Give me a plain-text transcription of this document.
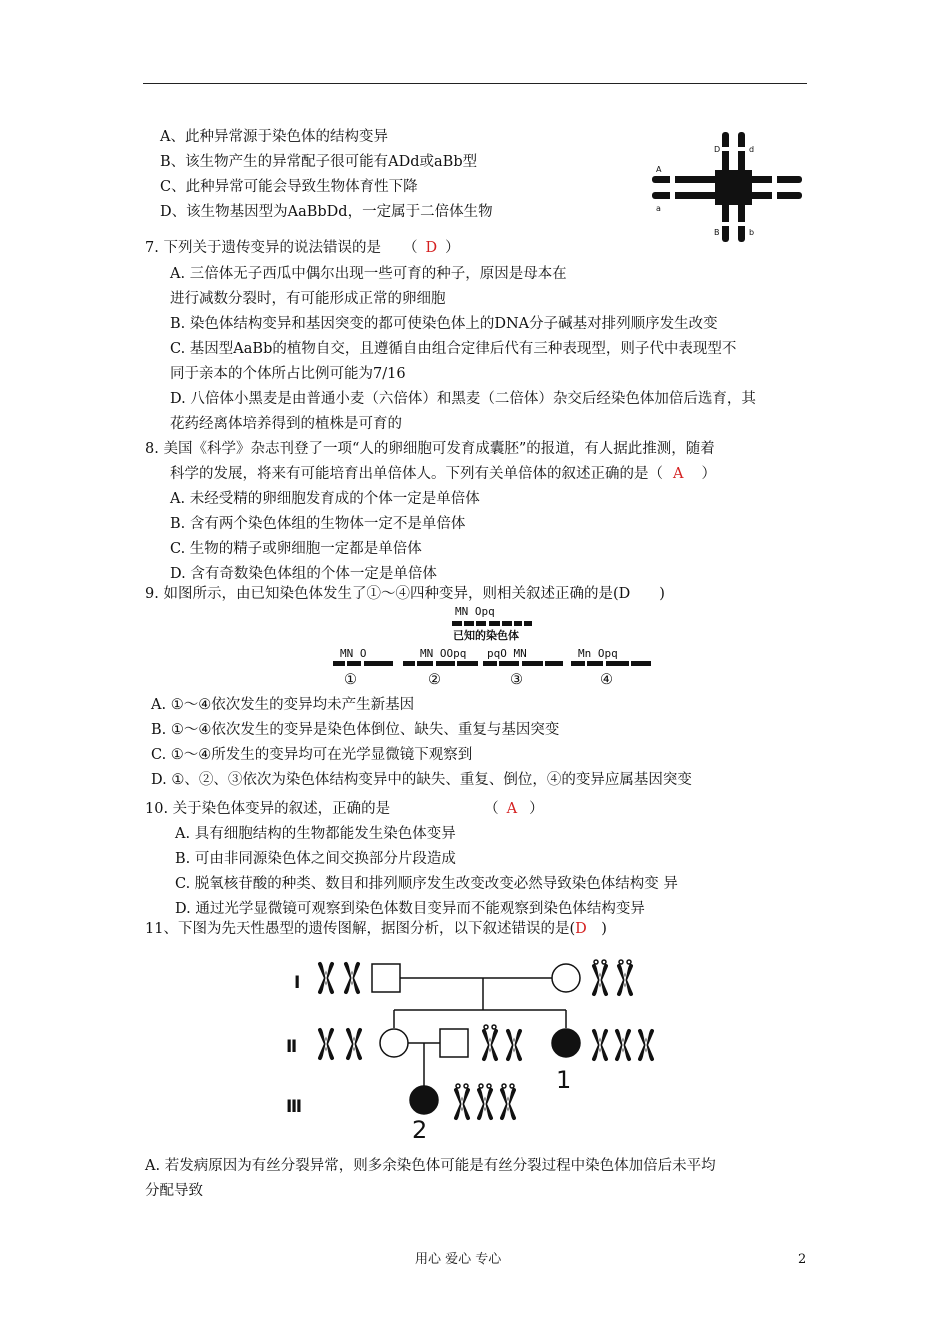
A、此种异常源于染色体的结构变异
B、该生物产生的异常配子很可能有ADd或aBb型
C、此种异常可能会导致生物体育性下降
D、该生物基因型为AaBbDd，一定属于二倍体生物
A
a
D	d
B	b
7. 下列关于遗传变异的说法错误的是 （ D ）
A. 三倍体无子西瓜中偶尔出现一些可育的种子，原因是母本在
进行减数分裂时，有可能形成正常的卵细胞
B. 染色体结构变异和基因突变的都可使染色体上的DNA分子碱基对排列顺序发生改变
C. 基因型AaBb的植物自交，且遵循自由组合定律后代有三种表现型，则子代中表现型不
同于亲本的个体所占比例可能为7/16
D. 八倍体小黑麦是由普通小麦（六倍体）和黑麦（二倍体）杂交后经染色体加倍后选育，其
花药经离体培养得到的植株是可育的
8. 美国《科学》杂志刊登了一项“人的卵细胞可发育成囊胚”的报道，有人据此推测，随着
科学的发展，将来有可能培育出单倍体人。下列有关单倍体的叙述正确的是（ A ）
A. 未经受精的卵细胞发育成的个体一定是单倍体
B. 含有两个染色体组的生物体一定不是单倍体
C. 生物的精子或卵细胞一定都是单倍体
D. 含有奇数染色体组的个体一定是单倍体
9. 如图所示，由已知染色体发生了①～④四种变异，则相关叙述正确的是(D　　)
MN Opq
已知的染色体
MN O	MN OOpq pqO MN	Mn Opq
①	②	③	④
A. ①～④依次发生的变异均未产生新基因
B. ①～④依次发生的变异是染色体倒位、缺失、重复与基因突变
C. ①～④所发生的变异均可在光学显微镜下观察到
D. ①、②、③依次为染色体结构变异中的缺失、重复、倒位，④的变异应属基因突变
10. 关于染色体变异的叙述，正确的是	（ A ）
A. 具有细胞结构的生物都能发生染色体变异
B. 可由非同源染色体之间交换部分片段造成
C. 脱氧核苷酸的种类、数目和排列顺序发生改变改变必然导致染色体结构变 异
D. 通过光学显微镜可观察到染色体数目变异而不能观察到染色体结构变异
11、下图为先天性愚型的遗传图解，据图分析，以下叙述错误的是(D　)
Ⅰ
Ⅱ
Ⅲ
1
2
A. 若发病原因为有丝分裂异常，则多余染色体可能是有丝分裂过程中染色体加倍后未平均
分配导致
用心 爱心 专心	2
